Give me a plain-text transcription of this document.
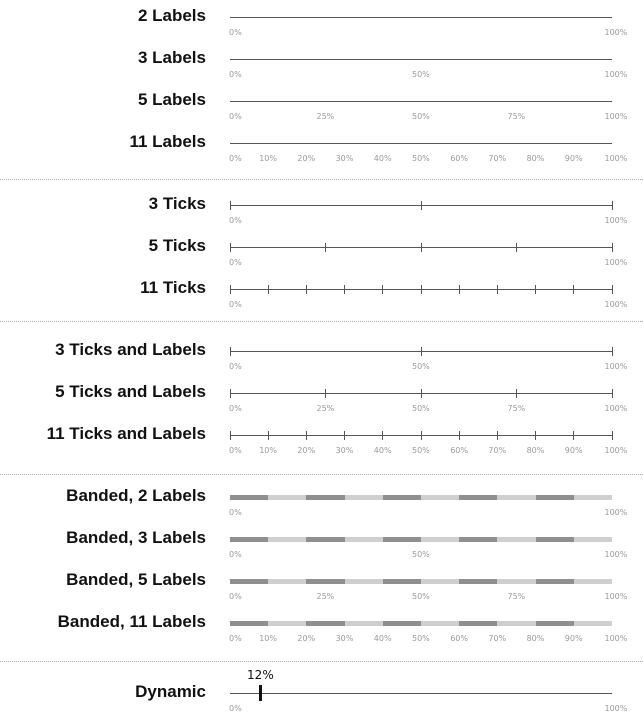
2 Labels
0%	100%
3 Labels
0%	50%	100%
5 Labels
0%	25%	50%	75%	100%
11 Labels
0% 10%	20%	30%	40%	50%	60%	70%	80%	90%	100%
3 Ticks
0%	100%
5 Ticks
0%	100%
11 Ticks
0%	100%
3 Ticks and Labels
0%	50%	100%
5 Ticks and Labels
0%	25%	50%	75%	100%
11 Ticks and Labels
0% 10%	20%	30%	40%	50%	60%	70%	80%	90%	100%
Banded, 2 Labels
0%	100%
Banded, 3 Labels
0%	50%	100%
Banded, 5 Labels
0%	25%	50%	75%	100%
Banded, 11 Labels
0% 10%	20%	30%	40%	50%	60%	70%	80%	90%	100%
Dynamic
12%
0%	100%
